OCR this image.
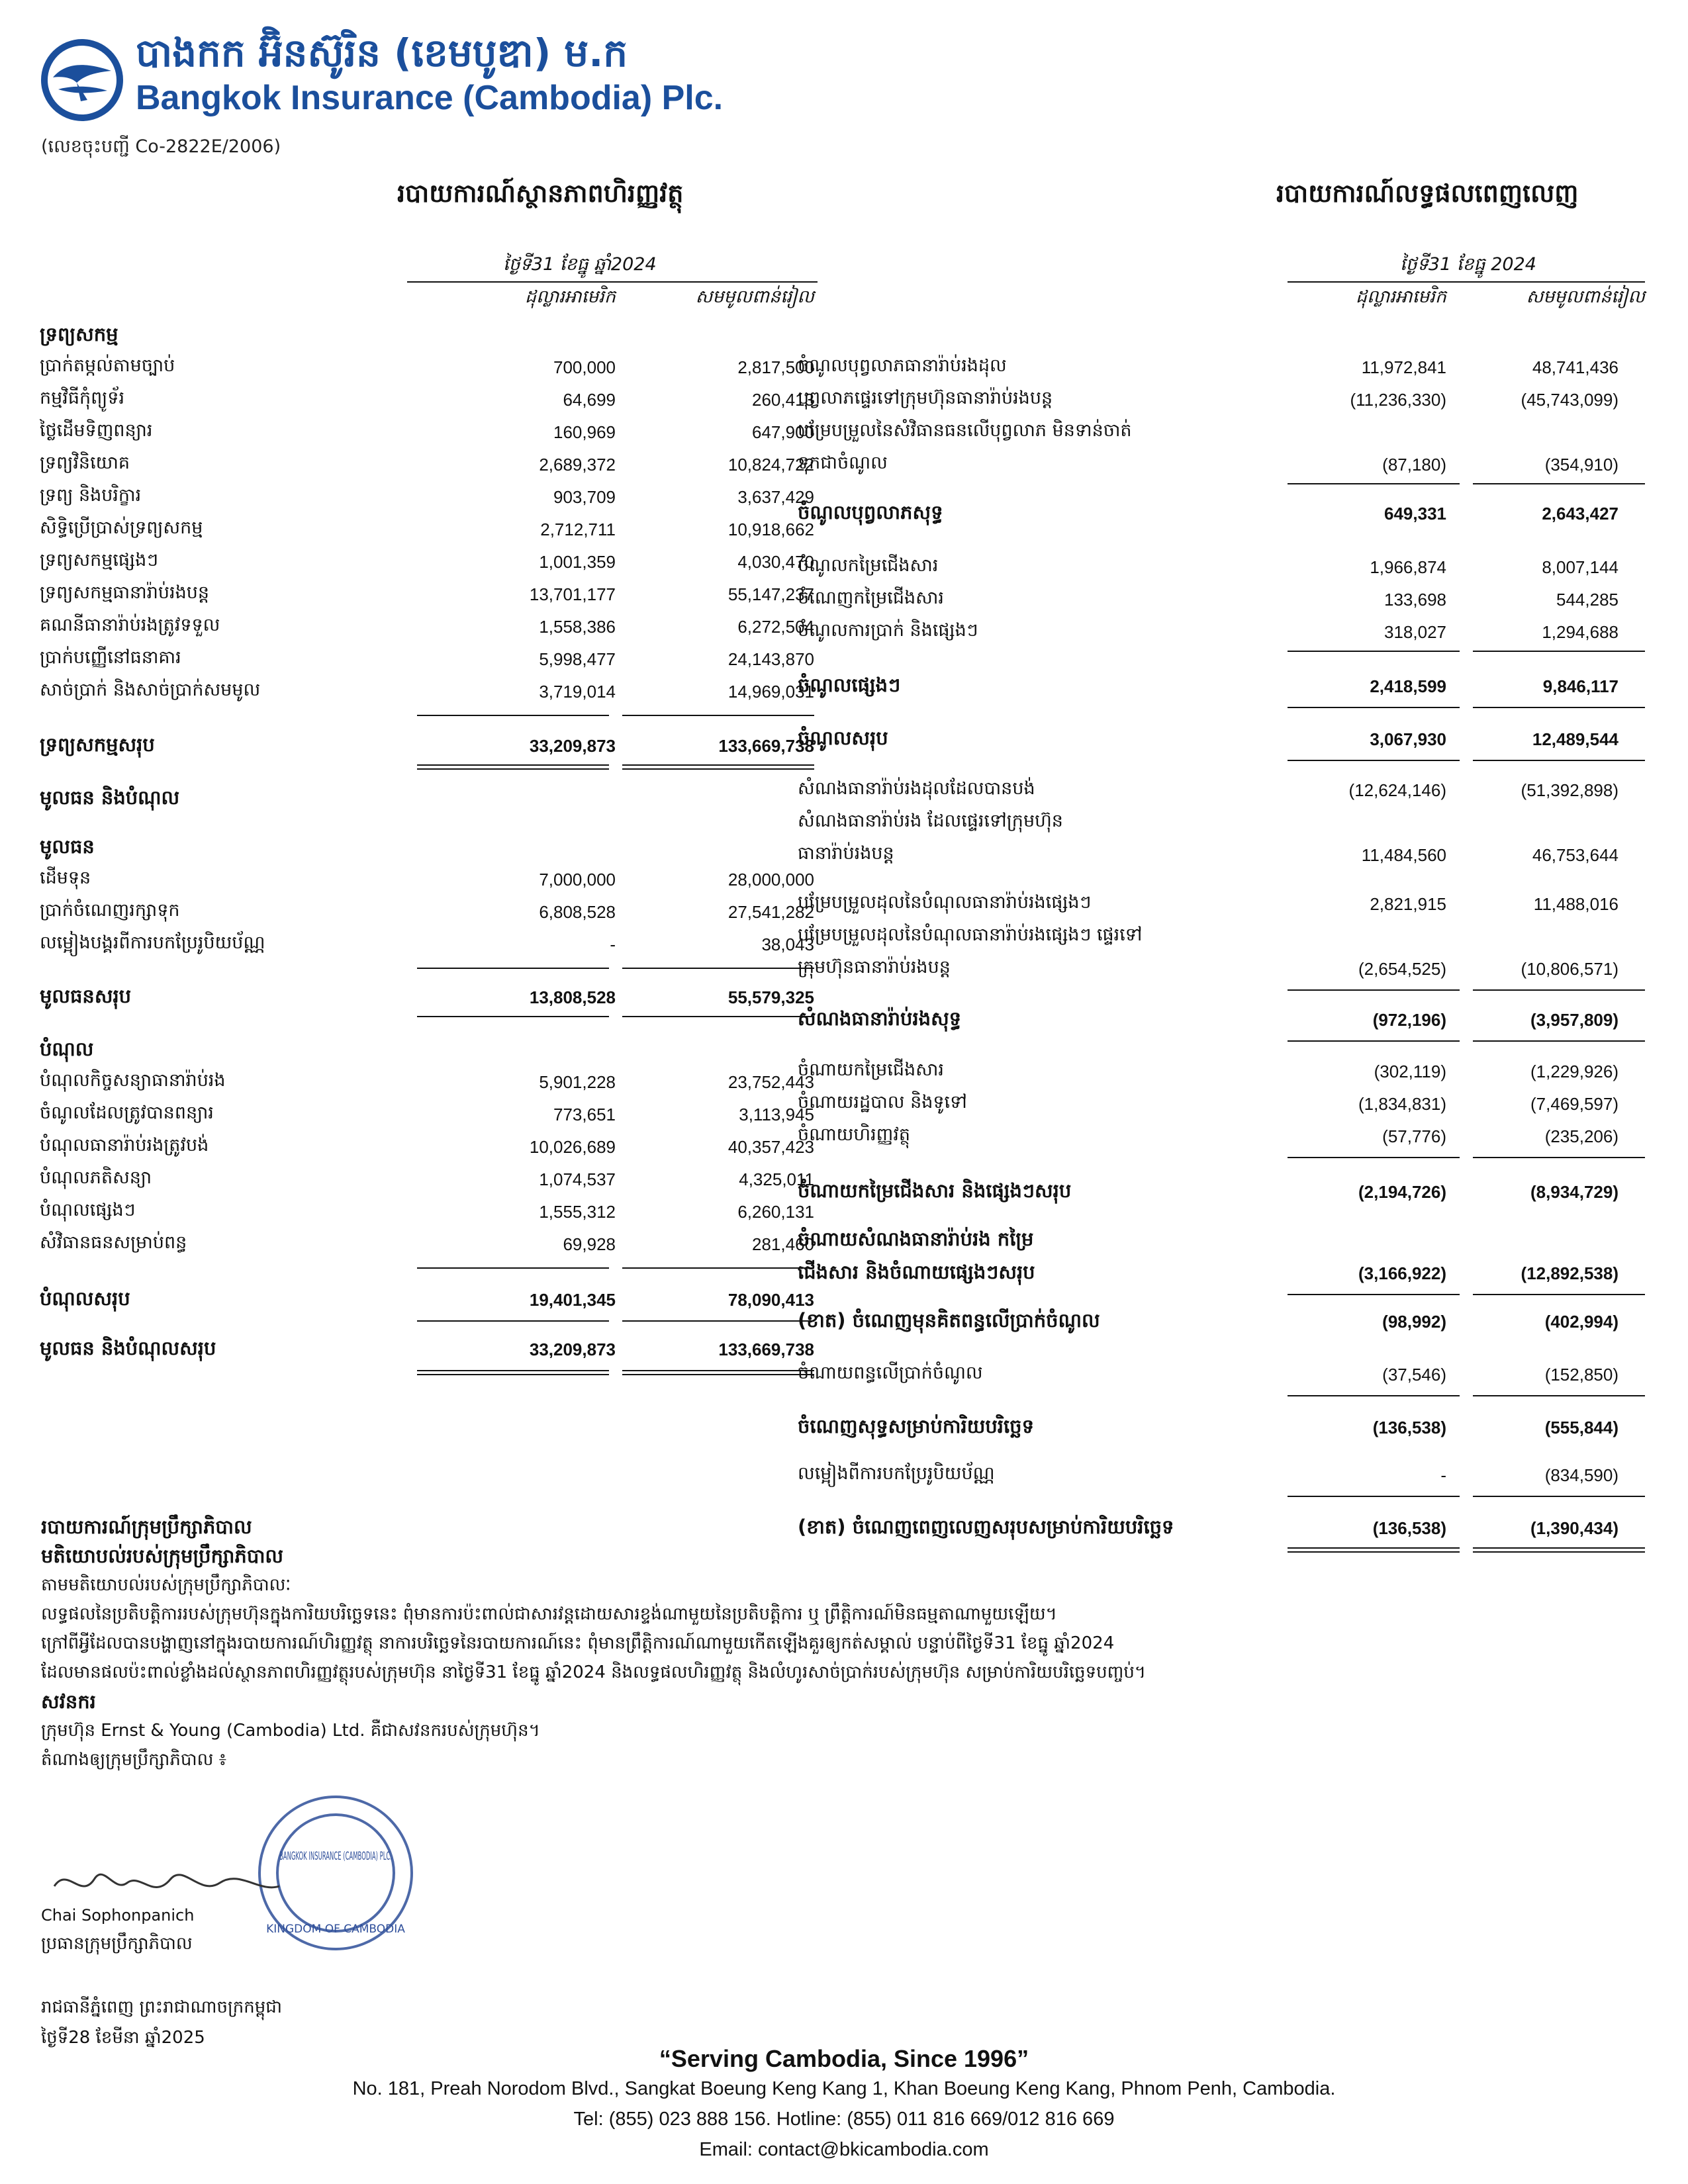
បាងកក អ៊ិនស៊ូរិន (ខេមបូឌា) ម.ក
Bangkok Insurance (Cambodia) Plc.
(លេខចុះបញ្ជី Co-2822E/2006)
របាយការណ៍ស្ថានភាពហិរញ្ញវត្ថុ
ថ្ងៃទី31 ខែធ្នូ ឆ្នាំ2024
ដុល្លារអាមេរិក	សមមូលពាន់រៀល
ទ្រព្យសកម្ម
ប្រាក់តម្កល់តាមច្បាប់	700,000	2,817,500
កម្មវិធីកុំព្យូទ័រ	64,699	260,413
ថ្លៃដើមទិញពន្យារ	160,969	647,900
ទ្រព្យវិនិយោគ	2,689,372	10,824,722
ទ្រព្យ និងបរិក្ខារ	903,709	3,637,429
សិទ្ធិប្រើប្រាស់ទ្រព្យសកម្ម	2,712,711	10,918,662
ទ្រព្យសកម្មផ្សេងៗ	1,001,359	4,030,470
ទ្រព្យសកម្មធានារ៉ាប់រងបន្ត	13,701,177	55,147,237
គណនីធានារ៉ាប់រងត្រូវទទួល	1,558,386	6,272,504
ប្រាក់បញ្ញើនៅធនាគារ	5,998,477	24,143,870
សាច់ប្រាក់ និងសាច់ប្រាក់សមមូល	3,719,014	14,969,031
ទ្រព្យសកម្មសរុប	33,209,873	133,669,738
មូលធន និងបំណុល
មូលធន
ដើមទុន	7,000,000	28,000,000
ប្រាក់ចំណេញរក្សាទុក	6,808,528	27,541,282
លម្អៀងបង្គរពីការបកប្រែរូបិយប័ណ្ណ	-	38,043
មូលធនសរុប	13,808,528	55,579,325
បំណុល
បំណុលកិច្ចសន្យាធានារ៉ាប់រង	5,901,228	23,752,443
ចំណូលដែលត្រូវបានពន្យារ	773,651	3,113,945
បំណុលធានារ៉ាប់រងត្រូវបង់	10,026,689	40,357,423
បំណុលភតិសន្យា	1,074,537	4,325,011
បំណុលផ្សេងៗ	1,555,312	6,260,131
សំវិធានធនសម្រាប់ពន្ធ	69,928	281,460
បំណុលសរុប	19,401,345	78,090,413
មូលធន និងបំណុលសរុប	33,209,873	133,669,738
របាយការណ៍លទ្ធផលពេញលេញ
ថ្ងៃទី31 ខែធ្នូ 2024
ដុល្លារអាមេរិក	សមមូលពាន់រៀល
ចំណូលបុព្វលាភធានារ៉ាប់រងដុល	11,972,841	48,741,436
បុព្វលាភផ្ទេរទៅក្រុមហ៊ុនធានារ៉ាប់រងបន្ត	(11,236,330)	(45,743,099)
បម្រែបម្រួលនៃសំវិធានធនលើបុព្វលាភ មិនទាន់ចាត់
ទុកជាចំណូល	(87,180)	(354,910)
ចំណូលបុព្វលាភសុទ្ធ	649,331	2,643,427
ចំណូលកម្រៃជើងសារ	1,966,874	8,007,144
ចំណេញកម្រៃជើងសារ	133,698	544,285
ចំណូលការប្រាក់ និងផ្សេងៗ	318,027	1,294,688
ចំណូលផ្សេងៗ	2,418,599	9,846,117
ចំណូលសរុប	3,067,930	12,489,544
សំណងធានារ៉ាប់រងដុលដែលបានបង់	(12,624,146)	(51,392,898)
សំណងធានារ៉ាប់រង ដែលផ្ទេរទៅក្រុមហ៊ុន
ធានារ៉ាប់រងបន្ត	11,484,560	46,753,644
បម្រែបម្រួលដុលនៃបំណុលធានារ៉ាប់រងផ្សេងៗ	2,821,915	11,488,016
បម្រែបម្រួលដុលនៃបំណុលធានារ៉ាប់រងផ្សេងៗ ផ្ទេរទៅ
ក្រុមហ៊ុនធានារ៉ាប់រងបន្ត	(2,654,525)	(10,806,571)
សំណងធានារ៉ាប់រងសុទ្ធ	(972,196)	(3,957,809)
ចំណាយកម្រៃជើងសារ	(302,119)	(1,229,926)
ចំណាយរដ្ឋបាល និងទូទៅ	(1,834,831)	(7,469,597)
ចំណាយហិរញ្ញវត្ថុ	(57,776)	(235,206)
ចំណាយកម្រៃជើងសារ និងផ្សេងៗសរុប	(2,194,726)	(8,934,729)
ចំណាយសំណងធានារ៉ាប់រង កម្រៃ
ជើងសារ និងចំណាយផ្សេងៗសរុប	(3,166,922)	(12,892,538)
(ខាត) ចំណេញមុនគិតពន្ធលើប្រាក់ចំណូល	(98,992)	(402,994)
ចំណាយពន្ធលើប្រាក់ចំណូល	(37,546)	(152,850)
ចំណេញសុទ្ធសម្រាប់ការិយបរិច្ឆេទ	(136,538)	(555,844)
លម្អៀងពីការបកប្រែរូបិយប័ណ្ណ	-	(834,590)
(ខាត) ចំណេញពេញលេញសរុបសម្រាប់ការិយបរិច្ឆេទ	(136,538)	(1,390,434)
របាយការណ៍ក្រុមប្រឹក្សាភិបាល
មតិយោបល់របស់ក្រុមប្រឹក្សាភិបាល
តាមមតិយោបល់របស់ក្រុមប្រឹក្សាភិបាលៈ
លទ្ធផលនៃប្រតិបត្តិការរបស់ក្រុមហ៊ុនក្នុងការិយបរិច្ឆេទនេះ ពុំមានការប៉ះពាល់ជាសារវន្តដោយសារខ្ទង់ណាមួយនៃប្រតិបត្តិការ ឬ ព្រឹត្តិការណ៍មិនធម្មតាណាមួយឡើយ។
ក្រៅពីអ្វីដែលបានបង្ហាញនៅក្នុងរបាយការណ៍ហិរញ្ញវត្ថុ នាការបរិច្ឆេទនៃរបាយការណ៍នេះ ពុំមានព្រឹត្តិការណ៍ណាមួយកើតឡើងគួរឲ្យកត់សម្គាល់ បន្ទាប់ពីថ្ងៃទី31 ខែធ្នូ ឆ្នាំ2024
ដែលមានផលប៉ះពាល់ខ្លាំងដល់ស្ថានភាពហិរញ្ញវត្ថុរបស់ក្រុមហ៊ុន នាថ្ងៃទី31 ខែធ្នូ ឆ្នាំ2024 និងលទ្ធផលហិរញ្ញវត្ថុ និងលំហូរសាច់ប្រាក់របស់ក្រុមហ៊ុន សម្រាប់ការិយបរិច្ឆេទបញ្ចប់។
សវនករ
ក្រុមហ៊ុន Ernst & Young (Cambodia) Ltd. គឺជាសវនករបស់ក្រុមហ៊ុន។
តំណាងឲ្យក្រុមប្រឹក្សាភិបាល ៖
BANGKOK INSURANCE (CAMBODIA) PLC.
KINGDOM OF CAMBODIA
Chai Sophonpanich
ប្រធានក្រុមប្រឹក្សាភិបាល
រាជធានីភ្នំពេញ ព្រះរាជាណាចក្រកម្ពុជា
ថ្ងៃទី28 ខែមីនា ឆ្នាំ2025
“Serving Cambodia, Since 1996”
No. 181, Preah Norodom Blvd., Sangkat Boeung Keng Kang 1, Khan Boeung Keng Kang, Phnom Penh, Cambodia.
Tel: (855) 023 888 156. Hotline: (855) 011 816 669/012 816 669
Email: contact@bkicambodia.com
